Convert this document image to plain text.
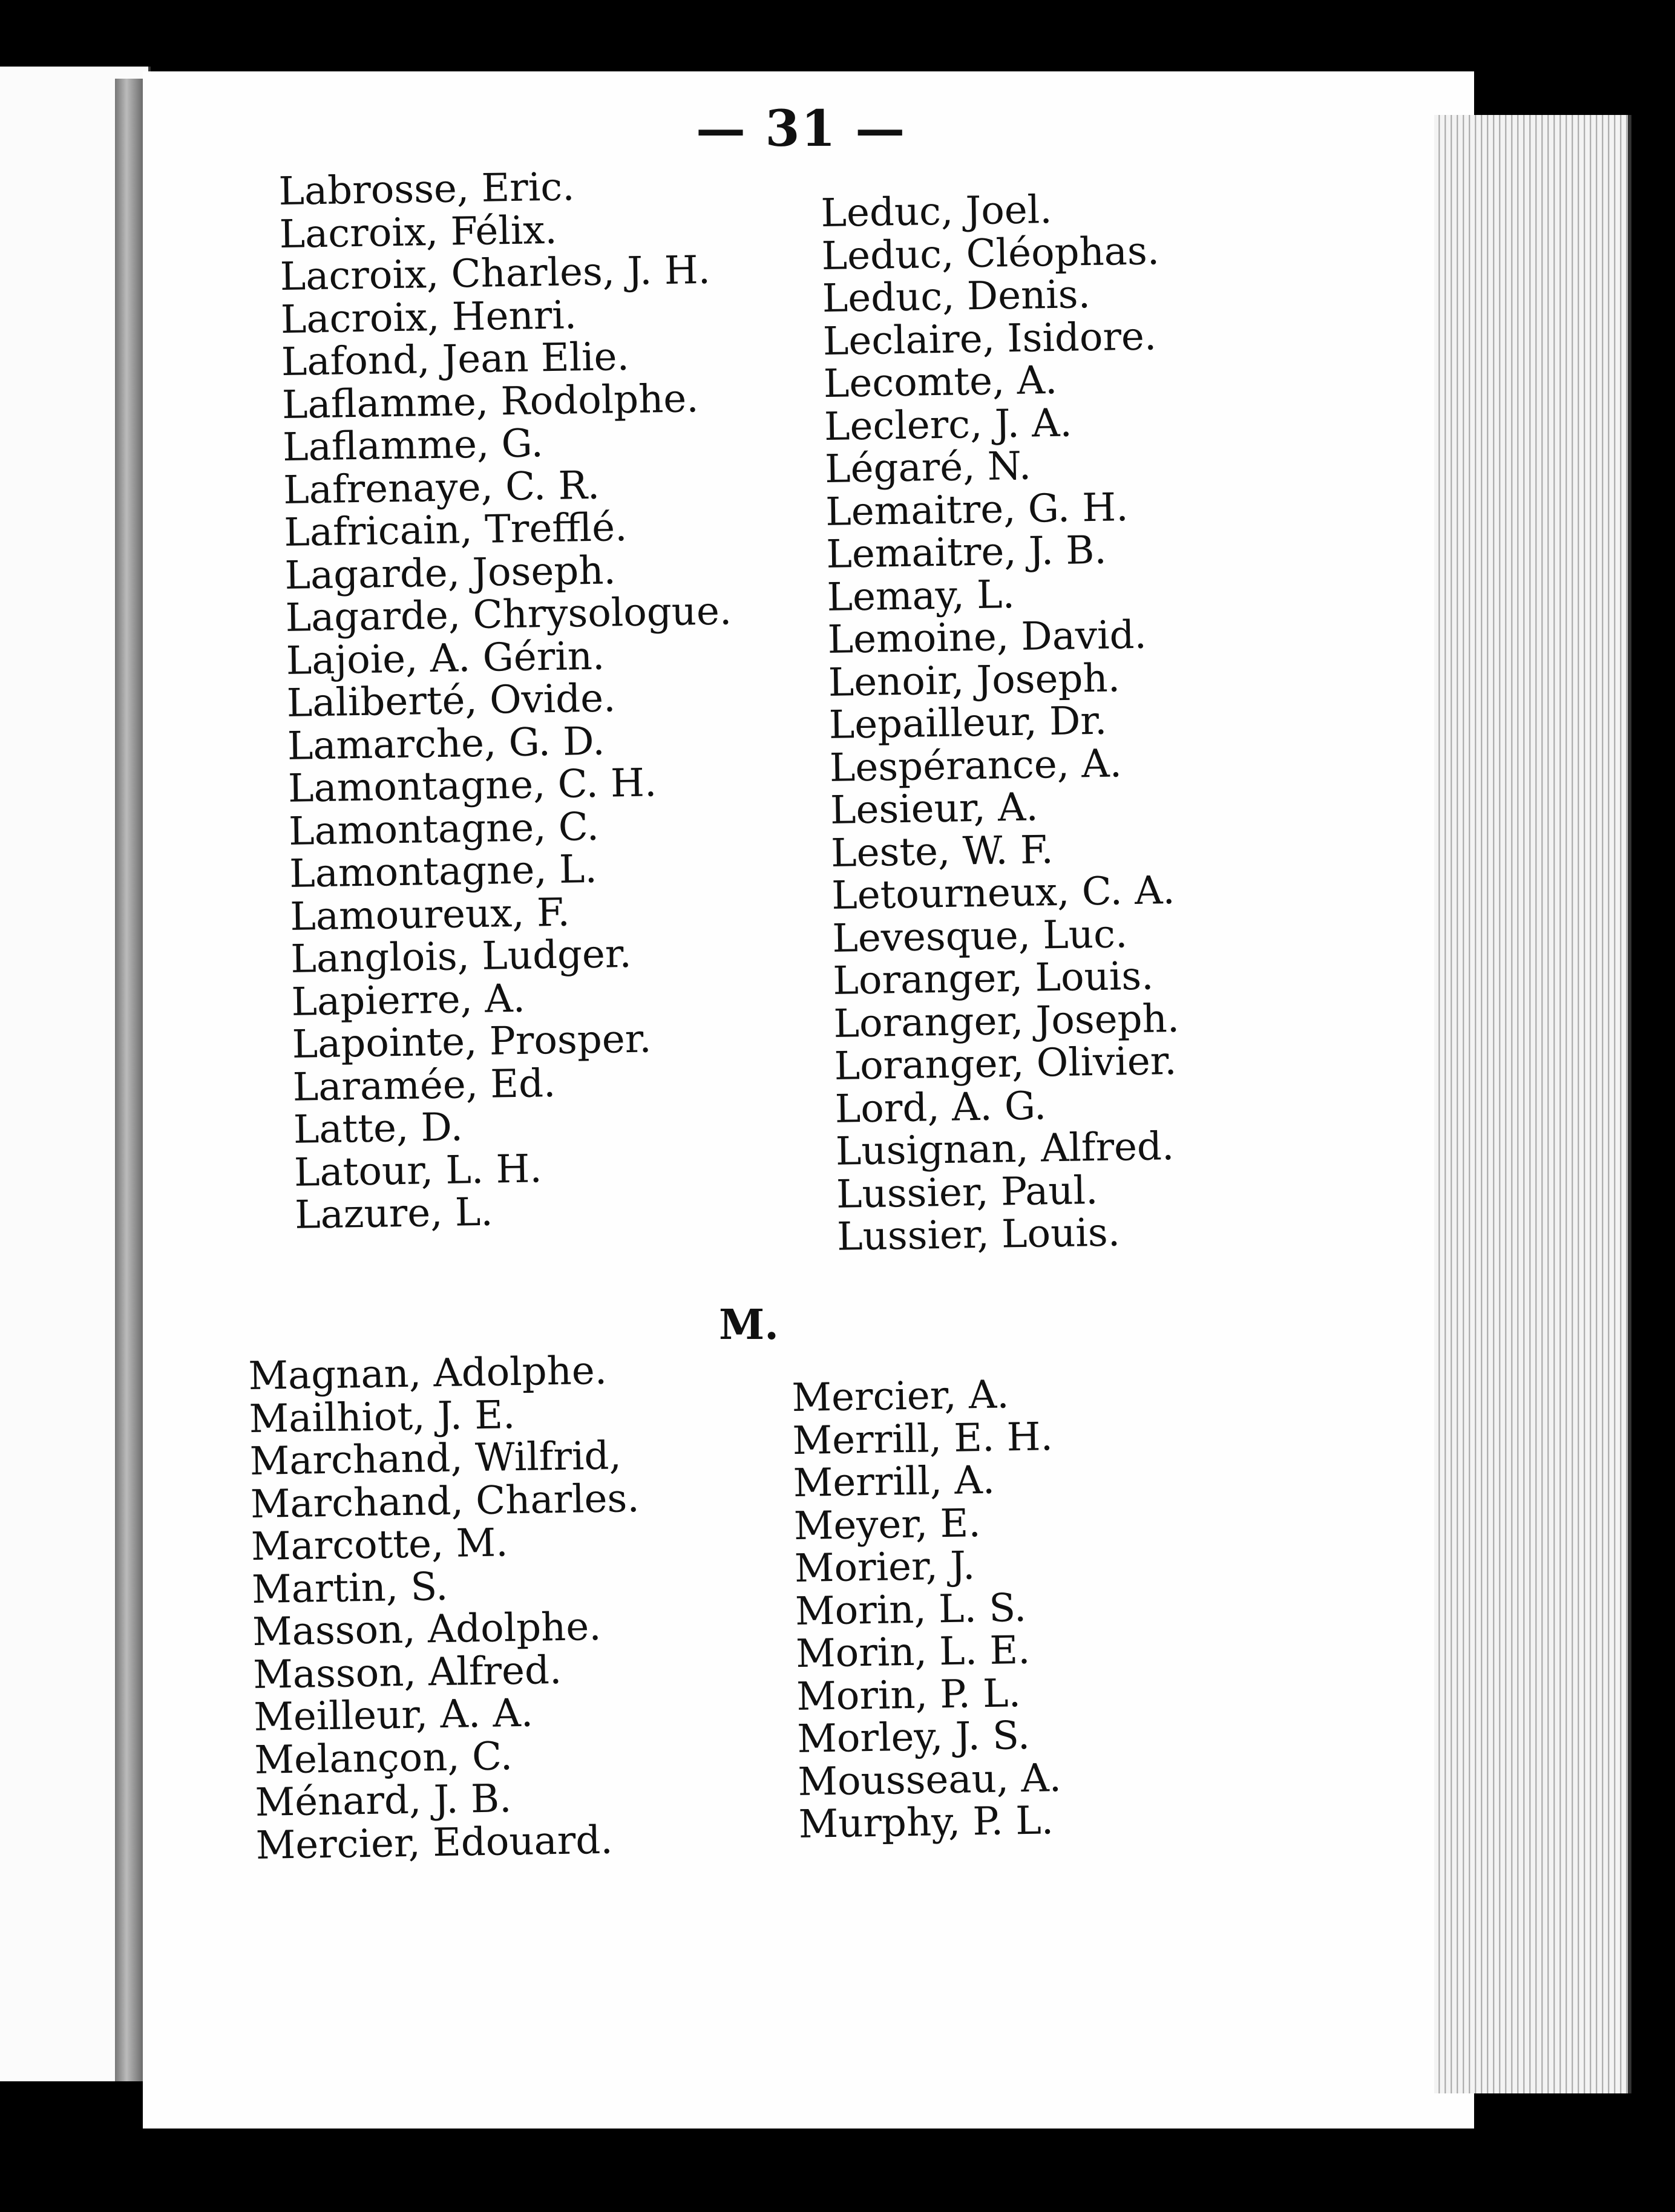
— 31 —
Labrosse, Eric.
Lacroix, Félix.
Lacroix, Charles, J. H.
Lacroix, Henri.
Lafond, Jean Elie.
Laflamme, Rodolphe.
Laflamme, G.
Lafrenaye, C. R.
Lafricain, Trefflé.
Lagarde, Joseph.
Lagarde, Chrysologue.
Lajoie, A. Gérin.
Laliberté, Ovide.
Lamarche, G. D.
Lamontagne, C. H.
Lamontagne, C.
Lamontagne, L.
Lamoureux, F.
Langlois, Ludger.
Lapierre, A.
Lapointe, Prosper.
Laramée, Ed.
Latte, D.
Latour, L. H.
Lazure, L.
Leduc, Joel.
Leduc, Cléophas.
Leduc, Denis.
Leclaire, Isidore.
Lecomte, A.
Leclerc, J. A.
Légaré, N.
Lemaitre, G. H.
Lemaitre, J. B.
Lemay, L.
Lemoine, David.
Lenoir, Joseph.
Lepailleur, Dr.
Lespérance, A.
Lesieur, A.
Leste, W. F.
Letourneux, C. A.
Levesque, Luc.
Loranger, Louis.
Loranger, Joseph.
Loranger, Olivier.
Lord, A. G.
Lusignan, Alfred.
Lussier, Paul.
Lussier, Louis.
M.
Magnan, Adolphe.
Mailhiot, J. E.
Marchand, Wilfrid,
Marchand, Charles.
Marcotte, M.
Martin, S.
Masson, Adolphe.
Masson, Alfred.
Meilleur, A. A.
Melançon, C.
Ménard, J. B.
Mercier, Edouard.
Mercier, A.
Merrill, E. H.
Merrill, A.
Meyer, E.
Morier, J.
Morin, L. S.
Morin, L. E.
Morin, P. L.
Morley, J. S.
Mousseau, A.
Murphy, P. L.
